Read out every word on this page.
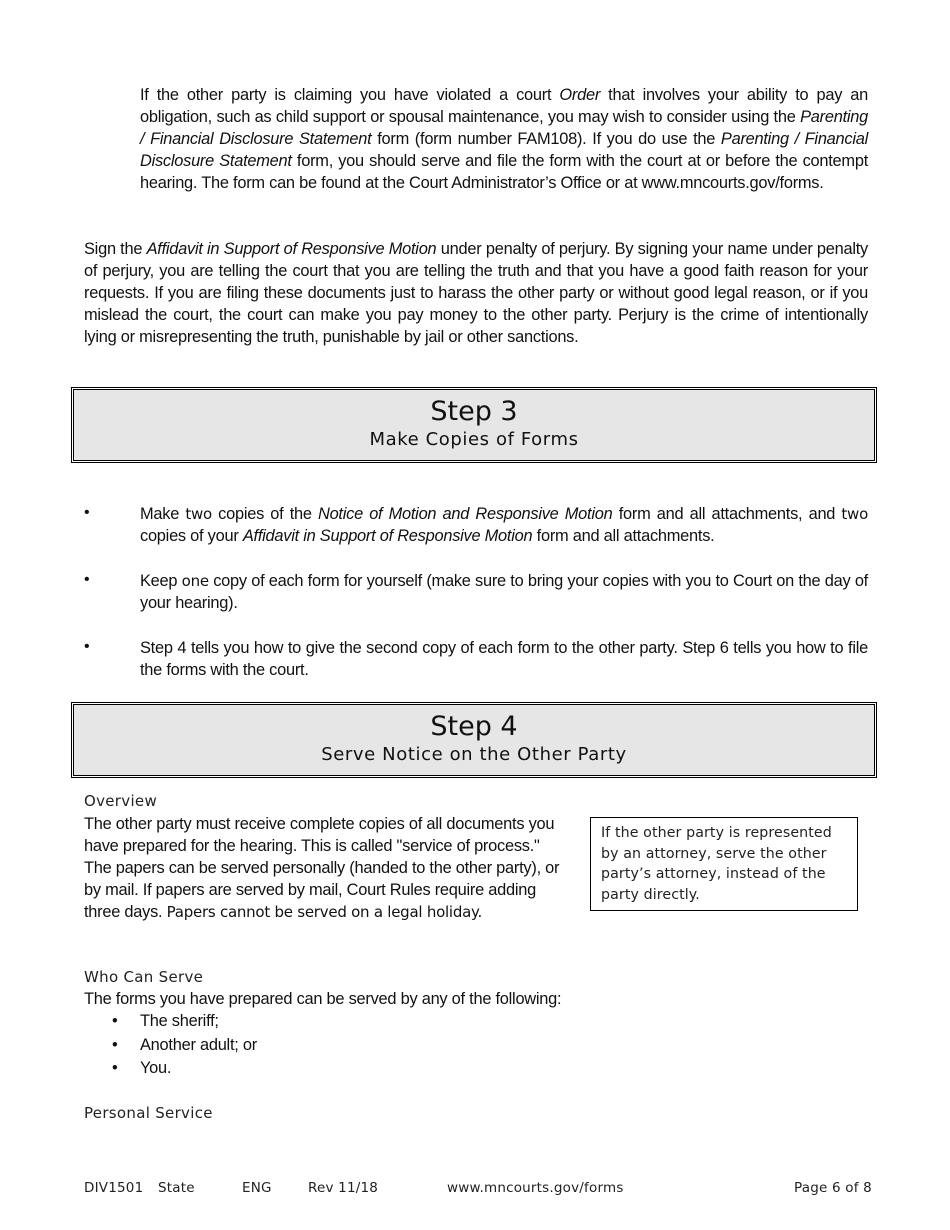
If the other party is claiming you have violated a court Order that involves your ability to pay an obligation, such as child support or spousal maintenance, you may wish to consider using the Parenting / Financial Disclosure Statement form (form number FAM108). If you do use the Parenting / Financial Disclosure Statement form, you should serve and file the form with the court at or before the contempt hearing. The form can be found at the Court Administrator’s Office or at www.mncourts.gov/forms.
Sign the Affidavit in Support of Responsive Motion under penalty of perjury. By signing your name under penalty of perjury, you are telling the court that you are telling the truth and that you have a good faith reason for your requests. If you are filing these documents just to harass the other party or without good legal reason, or if you mislead the court, the court can make you pay money to the other party. Perjury is the crime of intentionally lying or misrepresenting the truth, punishable by jail or other sanctions.
Step 3
Make Copies of Forms
•	Make two copies of the Notice of Motion and Responsive Motion form and all attachments, and two copies of your Affidavit in Support of Responsive Motion form and all attachments.
•	Keep one copy of each form for yourself (make sure to bring your copies with you to Court on the day of your hearing).
•	Step 4 tells you how to give the second copy of each form to the other party. Step 6 tells you how to file the forms with the court.
Step 4
Serve Notice on the Other Party
Overview
The other party must receive complete copies of all documents you have prepared for the hearing. This is called "service of process." The papers can be served personally (handed to the other party), or by mail. If papers are served by mail, Court Rules require adding three days. Papers cannot be served on a legal holiday.
If the other party is represented by an attorney, serve the other party’s attorney, instead of the party directly.
Who Can Serve
The forms you have prepared can be served by any of the following:
• The sheriff;
• Another adult; or
• You.
Personal Service
DIV1501 State	ENG	Rev 11/18	www.mncourts.gov/forms	Page 6 of 8
